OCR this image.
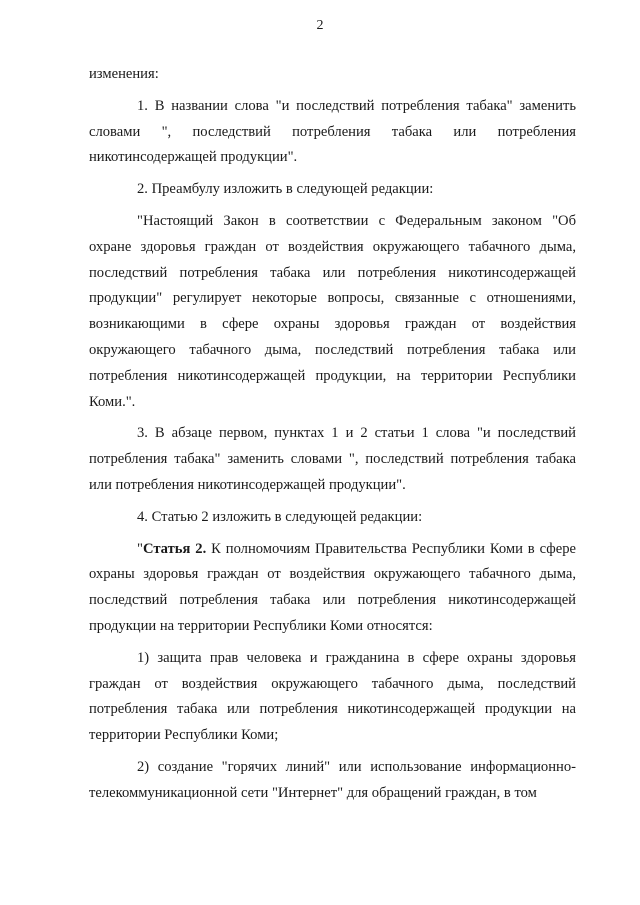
2

изменения:

1. В названии слова "и последствий потребления табака" заменить словами ", последствий потребления табака или потребления никотинсодержащей продукции".

2. Преамбулу изложить в следующей редакции:

"Настоящий Закон в соответствии с Федеральным законом "Об охране здоровья граждан от воздействия окружающего табачного дыма, последствий потребления табака или потребления никотинсодержащей продукции" регулирует некоторые вопросы, связанные с отношениями, возникающими в сфере охраны здоровья граждан от воздействия окружающего табачного дыма, последствий потребления табака или потребления никотинсодержащей продукции, на территории Республики Коми.".

3. В абзаце первом, пунктах 1 и 2 статьи 1 слова "и последствий потребления табака" заменить словами ", последствий потребления табака или потребления никотинсодержащей продукции".

4. Статью 2 изложить в следующей редакции:

"Статья 2. К полномочиям Правительства Республики Коми в сфере охраны здоровья граждан от воздействия окружающего табачного дыма, последствий потребления табака или потребления никотинсодержащей продукции на территории Республики Коми относятся:

1) защита прав человека и гражданина в сфере охраны здоровья граждан от воздействия окружающего табачного дыма, последствий потребления табака или потребления никотинсодержащей продукции на территории Республики Коми;

2) создание "горячих линий" или использование информационно-телекоммуникационной сети "Интернет" для обращений граждан, в том
